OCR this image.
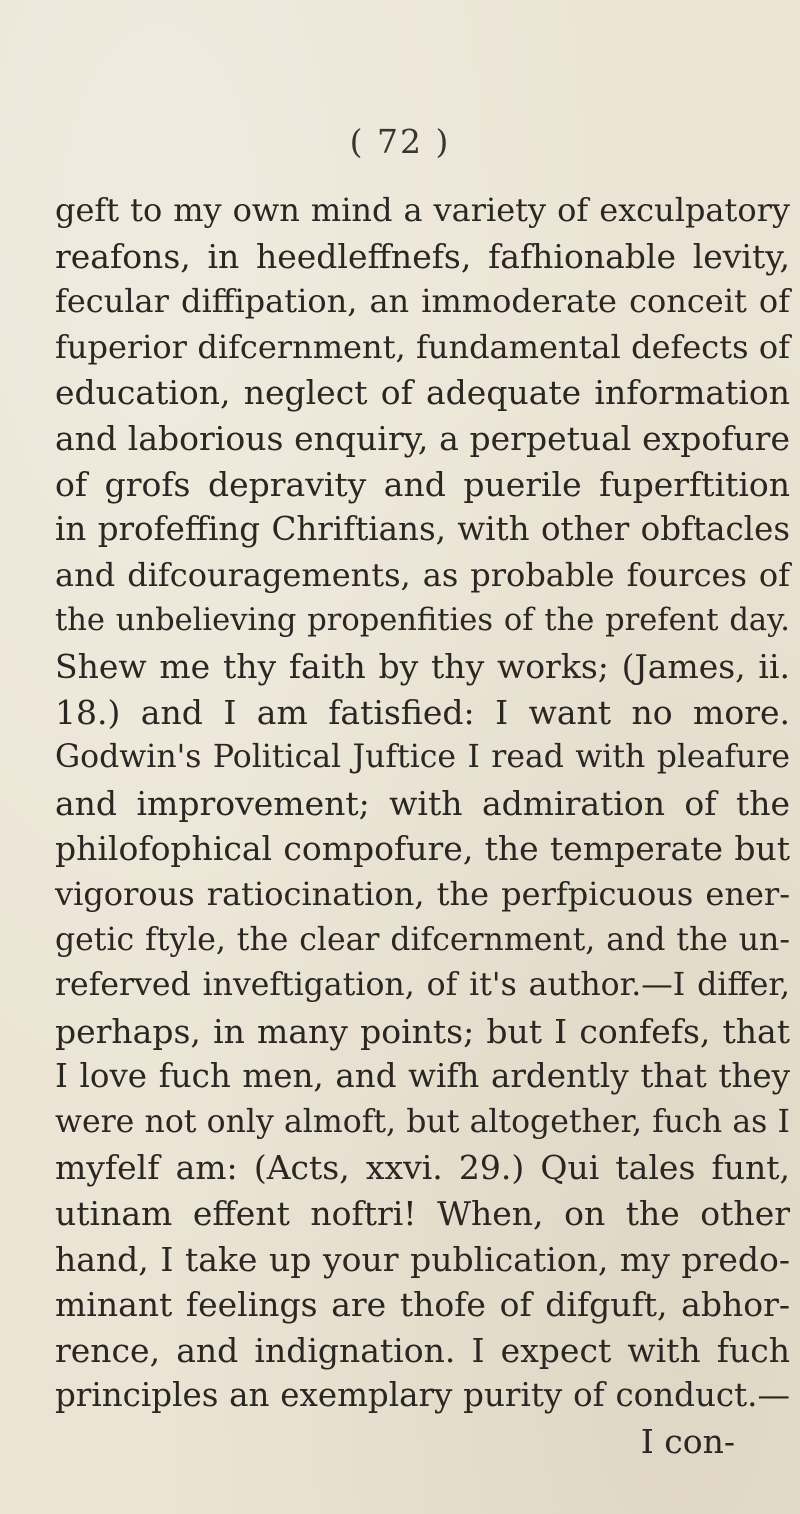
( 72 )
geft to my own mind a variety of exculpatory
reafons, in heedleffnefs, fafhionable levity,
fecular diffipation, an immoderate conceit of
fuperior difcernment, fundamental defects of
education, neglect of adequate information
and laborious enquiry, a perpetual expofure
of grofs depravity and puerile fuperftition
in profeffing Chriftians, with other obftacles
and difcouragements, as probable fources of
the unbelieving propenfities of the prefent day.
Shew me thy faith by thy works; (James, ii.
18.) and I am fatisfied: I want no more.
Godwin's Political Juftice I read with pleafure
and improvement; with admiration of the
philofophical compofure, the temperate but
vigorous ratiocination, the perfpicuous ener-
getic ftyle, the clear difcernment, and the un-
referved inveftigation, of it's author.—I differ,
perhaps, in many points; but I confefs, that
I love fuch men, and wifh ardently that they
were not only almoft, but altogether, fuch as I
myfelf am: (Acts, xxvi. 29.) Qui tales funt,
utinam effent noftri! When, on the other
hand, I take up your publication, my predo-
minant feelings are thofe of difguft, abhor-
rence, and indignation. I expect with fuch
principles an exemplary purity of conduct.—
I con-
